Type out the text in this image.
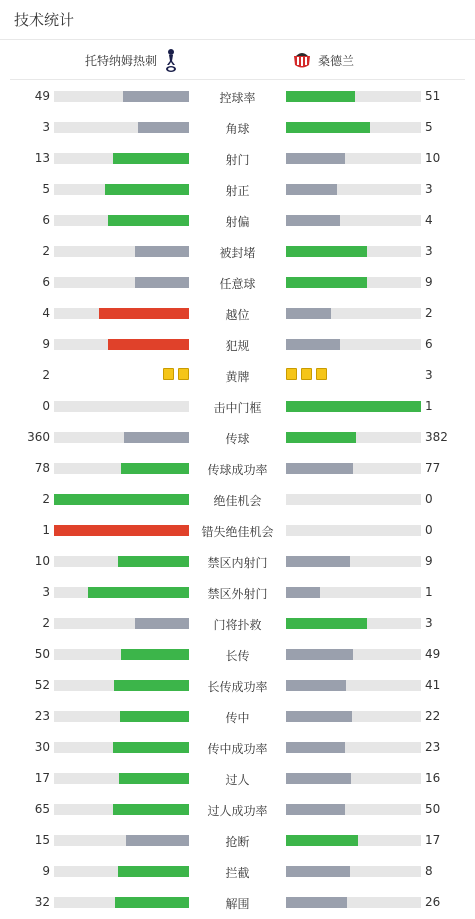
技术统计
托特纳姆热刺	桑德兰
49	控球率	51
3	角球	5
13	射门	10
5	射正	3
6	射偏	4
2	被封堵	3
6	任意球	9
4	越位	2
9	犯规	6
2	黄牌	3
0	击中门框	1
360	传球	382
78	传球成功率	77
2	绝佳机会	0
1	错失绝佳机会	0
10	禁区内射门	9
3	禁区外射门	1
2	门将扑救	3
50	长传	49
52	长传成功率	41
23	传中	22
30	传中成功率	23
17	过人	16
65	过人成功率	50
15	抢断	17
9	拦截	8
32	解围	26
